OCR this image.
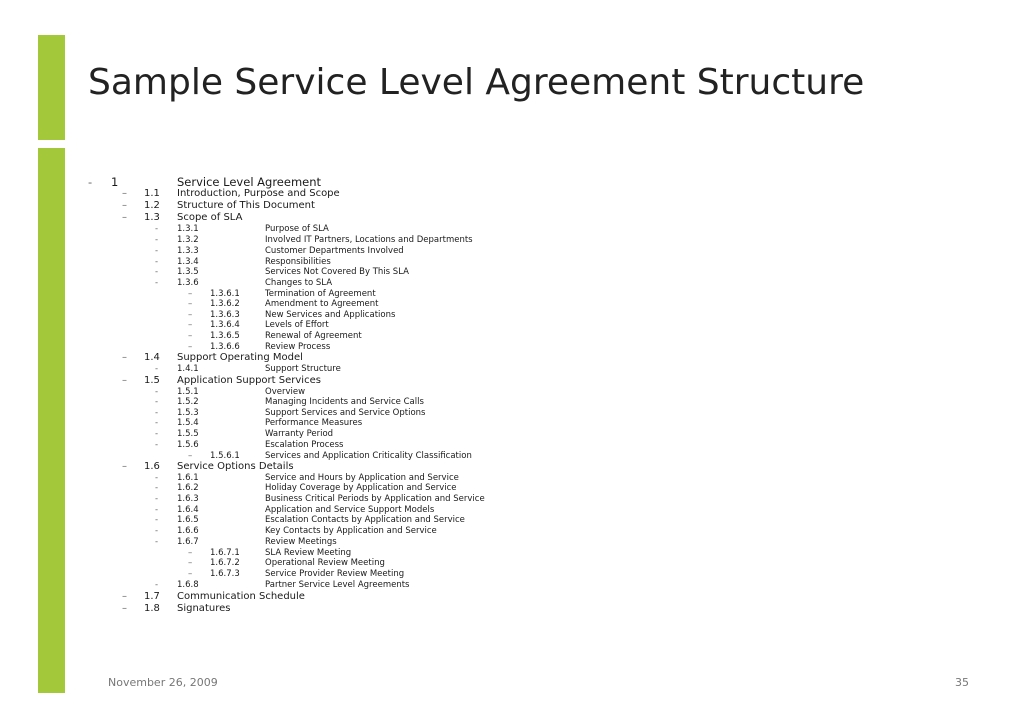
Sample Service Level Agreement Structure
- 1	Service Level Agreement
– 1.1 Introduction, Purpose and Scope
– 1.2 Structure of This Document
– 1.3 Scope of SLA
- 1.3.1	Purpose of SLA
- 1.3.2	Involved IT Partners, Locations and Departments
- 1.3.3	Customer Departments Involved
- 1.3.4	Responsibilities
- 1.3.5	Services Not Covered By This SLA
- 1.3.6	Changes to SLA
– 1.3.6.1	Termination of Agreement
– 1.3.6.2	Amendment to Agreement
– 1.3.6.3	New Services and Applications
– 1.3.6.4	Levels of Effort
– 1.3.6.5	Renewal of Agreement
– 1.3.6.6	Review Process
– 1.4 Support Operating Model
- 1.4.1	Support Structure
– 1.5 Application Support Services
- 1.5.1	Overview
- 1.5.2	Managing Incidents and Service Calls
- 1.5.3	Support Services and Service Options
- 1.5.4	Performance Measures
- 1.5.5	Warranty Period
- 1.5.6	Escalation Process
– 1.5.6.1	Services and Application Criticality Classification
– 1.6 Service Options Details
- 1.6.1	Service and Hours by Application and Service
- 1.6.2	Holiday Coverage by Application and Service
- 1.6.3	Business Critical Periods by Application and Service
- 1.6.4	Application and Service Support Models
- 1.6.5	Escalation Contacts by Application and Service
- 1.6.6	Key Contacts by Application and Service
- 1.6.7	Review Meetings
– 1.6.7.1	SLA Review Meeting
– 1.6.7.2	Operational Review Meeting
– 1.6.7.3	Service Provider Review Meeting
- 1.6.8	Partner Service Level Agreements
– 1.7 Communication Schedule
– 1.8 Signatures
November 26, 2009	35
